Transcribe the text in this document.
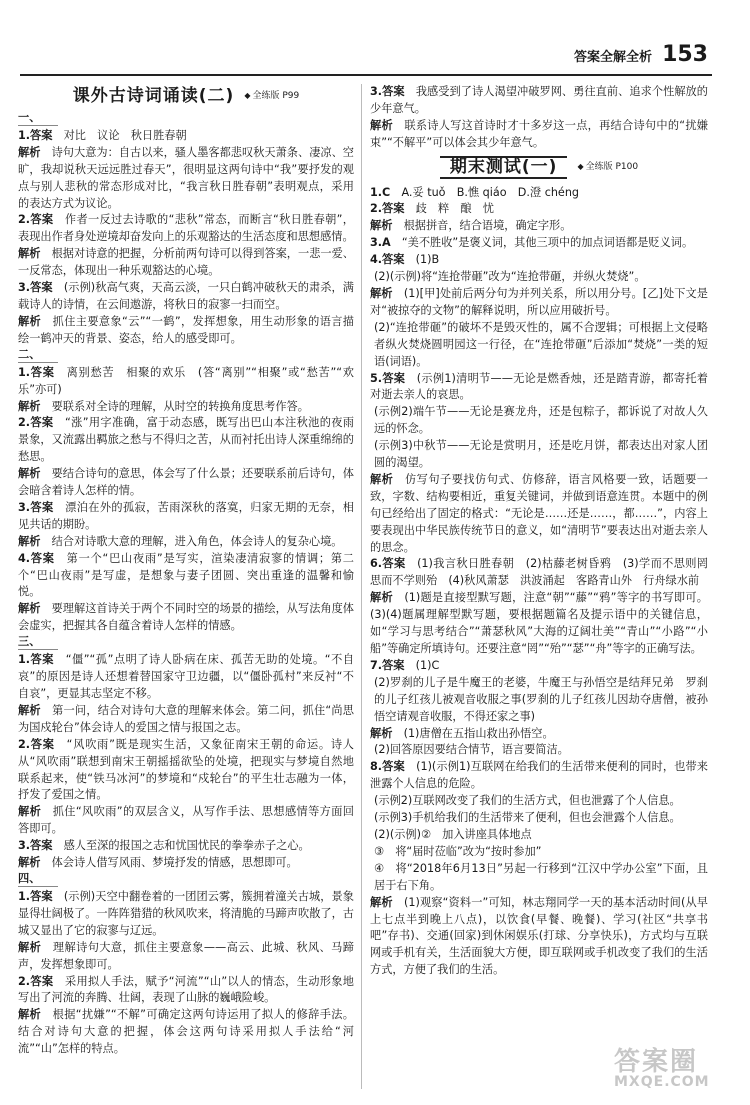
答案全解全析 153
课外古诗词诵读(二) ◆ 全练版 P99
一、

1.答案　对比　议论　秋日胜春朝

解析　诗句大意为：自古以来，骚人墨客都悲叹秋天萧条、凄凉、空旷，我却说秋天远远胜过春天”，很明显这两句诗中“我”要抒发的观点与别人悲秋的常态形成对比，“我言秋日胜春朝”表明观点，采用的表达方式为议论。

2.答案　作者一反过去诗歌的“悲秋”常态，而断言“秋日胜春朝”，表现出作者身处逆境却奋发向上的乐观豁达的生活态度和思想感情。

解析　根据对诗意的把握，分析前两句诗可以得到答案，一悲一爱、一反常态，体现出一种乐观豁达的心境。

3.答案　(示例)秋高气爽，天高云淡，一只白鹤冲破秋天的肃杀，满载诗人的诗情，在云间遨游，将秋日的寂寥一扫而空。

解析　抓住主要意象“云”“一鹤”，发挥想象，用生动形象的语言描绘一鹤冲天的背景、姿态，给人的感受即可。

二、

1.答案　离别愁苦　相聚的欢乐　(答“离别”“相聚”或“愁苦”“欢乐”亦可)

解析　要联系对全诗的理解，从时空的转换角度思考作答。

2.答案　“涨”用字准确，富于动态感，既写出巴山本注秋池的夜雨景象，又流露出羁旅之愁与不得归之苦，从而衬托出诗人深重绵绵的愁思。

解析　要结合诗句的意思，体会写了什么景；还要联系前后诗句，体会暗含着诗人怎样的情。

3.答案　漂泊在外的孤寂，苦雨深秋的落寞，归家无期的无奈，相见共话的期盼。

解析　结合对诗歌大意的理解，进入角色，体会诗人的复杂心境。

4.答案　第一个“巴山夜雨”是写实，渲染凄清寂寥的情调；第二个“巴山夜雨”是写虚，是想象与妻子团圆、突出重逢的温馨和愉悦。

解析　要理解这首诗关于两个不同时空的场景的描绘，从写法角度体会虚实，把握其各自蕴含着诗人怎样的情感。

三、

1.答案　“僵”“孤”点明了诗人卧病在床、孤苦无助的处境。“不自哀”的原因是诗人还想着替国家守卫边疆，以“僵卧孤村”来反衬“不自哀”，更显其志坚定不移。

解析　第一问，结合对诗句大意的理解来体会。第二问，抓住“尚思为国戍轮台”体会诗人的爱国之情与报国之志。

2.答案　“风吹雨”既是现实生活，又象征南宋王朝的命运。诗人从“风吹雨”联想到南宋王朝摇摇欲坠的处境，把现实与梦境自然地联系起来，使“铁马冰河”的梦境和“戍轮台”的平生壮志融为一体，抒发了爱国之情。

解析　抓住“风吹雨”的双层含义，从写作手法、思想感情等方面回答即可。

3.答案　感人至深的报国之志和忧国忧民的拳拳赤子之心。

解析　体会诗人借写风雨、梦境抒发的情感，思想即可。

四、

1.答案　(示例)天空中翻卷着的一团团云雾，簇拥着潼关古城，景象显得壮阔极了。一阵阵猎猎的秋风吹来，将清脆的马蹄声吹散了，古城又显出了它的寂寥与辽远。

解析　理解诗句大意，抓住主要意象——高云、此城、秋风、马蹄声，发挥想象即可。

2.答案　采用拟人手法，赋予“河流”“山”以人的情态，生动形象地写出了河流的奔腾、壮阔，表现了山脉的巍峨险峻。

解析　根据“扰嫌”“不解”可确定这两句诗运用了拟人的修辞手法。结合对诗句大意的把握，体会这两句诗采用拟人手法给“河流”“山”怎样的特点。

3.答案　我感受到了诗人渴望冲破罗网、勇往直前、追求个性解放的少年意气。

解析　联系诗人写这首诗时才十多岁这一点，再结合诗句中的“扰嫌束”“不解平”可以体会其少年意气。

期末测试(一)	◆ 全练版 P100

1.C　A.妥 tuǒ　B.憔 qiáo　D.澄 chéng

2.答案　歧　粹　酿　忧

解析　根据拼音，结合语境，确定字形。

3.A　“美不胜收”是褒义词，其他三项中的加点词语都是贬义词。

4.答案　(1)B

(2)(示例)将“连抢带砸”改为“连抢带砸，并纵火焚烧”。

解析　(1)[甲]处前后两分句为并列关系，所以用分号。[乙]处下文是对“被掠夺的文物”的解释说明，所以应用破折号。

(2)“连抢带砸”的破坏不是毁灭性的，属不合逻辑；可根据上文侵略者纵火焚烧圆明园这一行径，在“连抢带砸”后添加“焚烧”一类的短语(词语)。

5.答案　(示例1)清明节——无论是燃香烛，还是踏青游，都寄托着对逝去亲人的哀思。

(示例2)端午节——无论是赛龙舟，还是包粽子，都诉说了对故人久远的怀念。

(示例3)中秋节——无论是赏明月，还是吃月饼，都表达出对家人团圆的渴望。

解析　仿写句子要找仿句式、仿修辞，语言风格要一致，话题要一致，字数、结构要相近，重复关键词，并做到语意连贯。本题中的例句已经给出了固定的格式：“无论是……还是……，都……”，内容上要表现出中华民族传统节日的意义，如“清明节”要表达出对逝去亲人的思念。

6.答案　(1)我言秋日胜春朝　(2)枯藤老树昏鸦　(3)学而不思则罔　思而不学则殆　(4)秋风萧瑟　洪波涌起　客路青山外　行舟绿水前

解析　(1)题是直接型默写题，注意“朝”“藤”“鸦”等字的书写即可。(3)(4)题属理解型默写题，要根据题篇名及提示语中的关键信息，如“学习与思考结合”“萧瑟秋风”大海的辽阔壮美”“青山”“小路”“小船”等确定所填诗句。还要注意“罔”“殆”“瑟”“舟”等字的正确写法。

7.答案　(1)C

(2)罗刹的儿子是牛魔王的老婆，牛魔王与孙悟空是结拜兄弟　罗刹的儿子红孩儿被观音收服之事(罗刹的儿子红孩儿因劫夺唐僧，被孙悟空请观音收服，不得还家之事)

解析　(1)唐僧在五指山救出孙悟空。

(2)回答原因要结合情节，语言要简洁。

8.答案　(1)(示例1)互联网在给我们的生活带来便利的同时，也带来泄露个人信息的危险。

(示例2)互联网改变了我们的生活方式，但也泄露了个人信息。

(示例3)手机给我们的生活带来了便利，但也会泄露个人信息。

(2)(示例)②　加入讲座具体地点

③　将“届时莅临”改为“按时参加”

④　将“2018年6月13日”另起一行移到“江汉中学办公室”下面，且居于右下角。

解析　(1)观察“资料一”可知，林志翔同学一天的基本活动时间(从早上七点半到晚上八点)，以饮食(早餐、晚餐)、学习(社区“共享书吧”存书)、交通(回家)到休闲娱乐(打球、分享快乐)，方式均与互联网或手机有关，生活面貌大方便，即互联网或手机改变了我们的生活方式，方便了我们的生活。

答案圈
MXQE.COM
